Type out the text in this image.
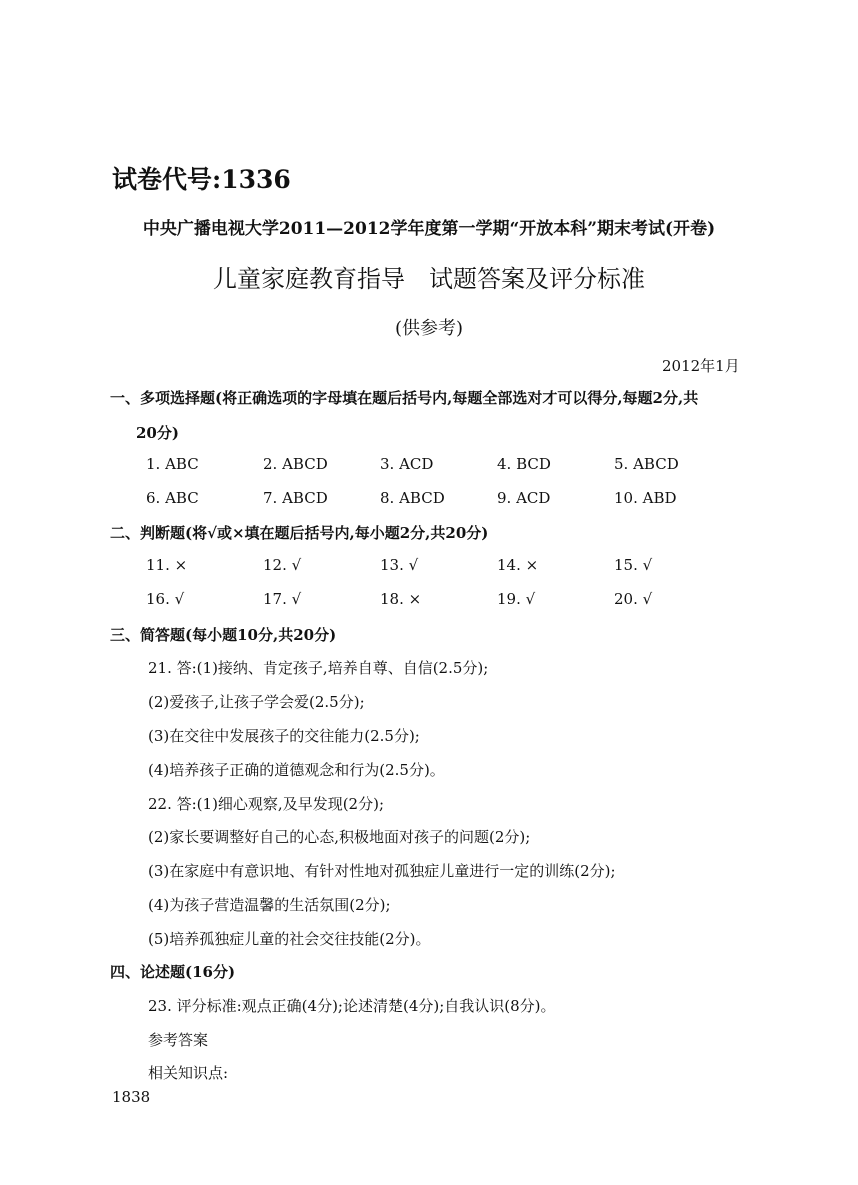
试卷代号:1336
中央广播电视大学2011—2012学年度第一学期“开放本科”期末考试(开卷)
儿童家庭教育指导　试题答案及评分标准
(供参考)
2012年1月
一、多项选择题(将正确选项的字母填在题后括号内,每题全部选对才可以得分,每题2分,共
20分)
1. ABC	2. ABCD	3. ACD	4. BCD	5. ABCD
6. ABC	7. ABCD	8. ABCD	9. ACD	10. ABD
二、判断题(将√或×填在题后括号内,每小题2分,共20分)
11. ×	12. √	13. √	14. ×	15. √
16. √	17. √	18. ×	19. √	20. √
三、简答题(每小题10分,共20分)
21. 答:(1)接纳、肯定孩子,培养自尊、自信(2.5分);
(2)爱孩子,让孩子学会爱(2.5分);
(3)在交往中发展孩子的交往能力(2.5分);
(4)培养孩子正确的道德观念和行为(2.5分)。
22. 答:(1)细心观察,及早发现(2分);
(2)家长要调整好自己的心态,积极地面对孩子的问题(2分);
(3)在家庭中有意识地、有针对性地对孤独症儿童进行一定的训练(2分);
(4)为孩子营造温馨的生活氛围(2分);
(5)培养孤独症儿童的社会交往技能(2分)。
四、论述题(16分)
23. 评分标准:观点正确(4分);论述清楚(4分);自我认识(8分)。
参考答案
相关知识点:
1838
